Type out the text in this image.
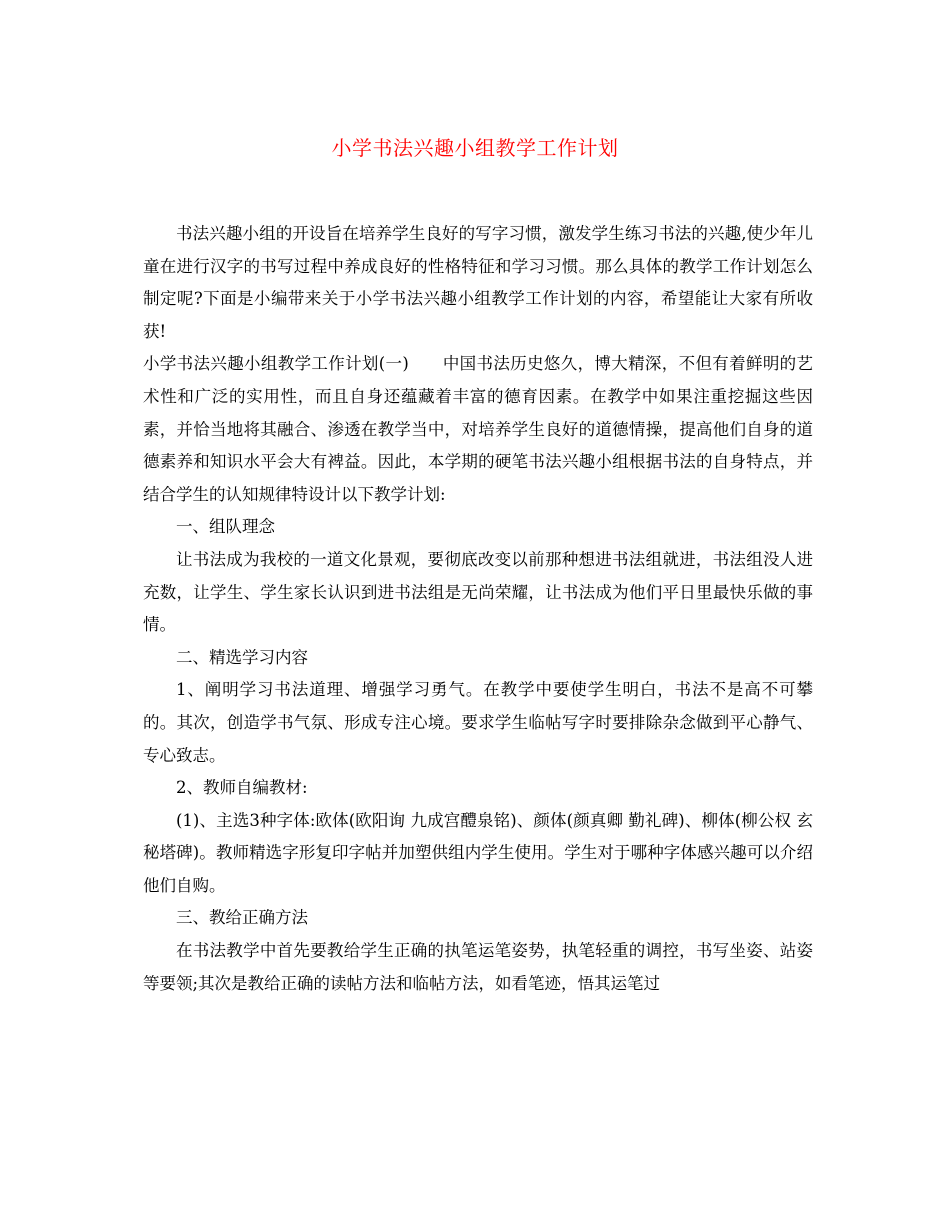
小学书法兴趣小组教学工作计划

书法兴趣小组的开设旨在培养学生良好的写字习惯，激发学生练习书法的兴趣,使少年儿童在进行汉字的书写过程中养成良好的性格特征和学习习惯。那么具体的教学工作计划怎么制定呢?下面是小编带来关于小学书法兴趣小组教学工作计划的内容，希望能让大家有所收获!

小学书法兴趣小组教学工作计划(一)　　中国书法历史悠久，博大精深，不但有着鲜明的艺术性和广泛的实用性，而且自身还蕴藏着丰富的德育因素。在教学中如果注重挖掘这些因素，并恰当地将其融合、渗透在教学当中，对培养学生良好的道德情操，提高他们自身的道德素养和知识水平会大有裨益。因此，本学期的硬笔书法兴趣小组根据书法的自身特点，并结合学生的认知规律特设计以下教学计划:

一、组队理念

让书法成为我校的一道文化景观，要彻底改变以前那种想进书法组就进，书法组没人进充数，让学生、学生家长认识到进书法组是无尚荣耀，让书法成为他们平日里最快乐做的事情。

二、精选学习内容

1、阐明学习书法道理、增强学习勇气。在教学中要使学生明白，书法不是高不可攀的。其次，创造学书气氛、形成专注心境。要求学生临帖写字时要排除杂念做到平心静气、专心致志。

2、教师自编教材:

(1)、主选3种字体:欧体(欧阳询 九成宫醴泉铭)、颜体(颜真卿 勤礼碑)、柳体(柳公权 玄秘塔碑)。教师精选字形复印字帖并加塑供组内学生使用。学生对于哪种字体感兴趣可以介绍他们自购。

三、教给正确方法

在书法教学中首先要教给学生正确的执笔运笔姿势，执笔轻重的调控，书写坐姿、站姿等要领;其次是教给正确的读帖方法和临帖方法，如看笔迹，悟其运笔过
